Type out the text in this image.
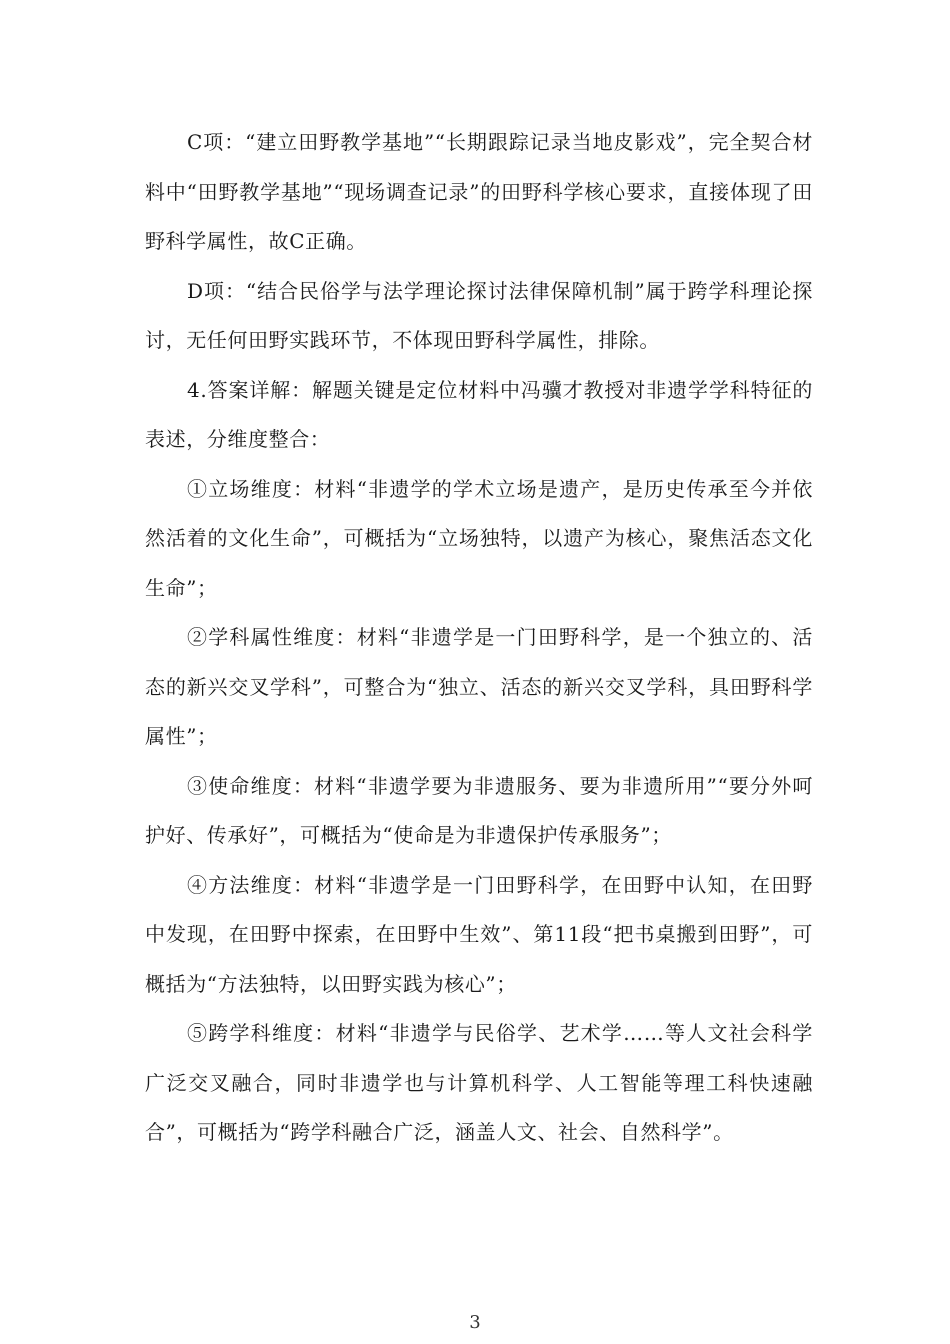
C项：“建立田野教学基地”“长期跟踪记录当地皮影戏”，完全契合材料中“田野教学基地”“现场调查记录”的田野科学核心要求，直接体现了田野科学属性，故C正确。

D项：“结合民俗学与法学理论探讨法律保障机制”属于跨学科理论探讨，无任何田野实践环节，不体现田野科学属性，排除。

4.答案详解：解题关键是定位材料中冯骥才教授对非遗学学科特征的表述，分维度整合：

①立场维度：材料“非遗学的学术立场是遗产，是历史传承至今并依然活着的文化生命”，可概括为“立场独特，以遗产为核心，聚焦活态文化生命”；

②学科属性维度：材料“非遗学是一门田野科学，是一个独立的、活态的新兴交叉学科”，可整合为“独立、活态的新兴交叉学科，具田野科学属性”；

③使命维度：材料“非遗学要为非遗服务、要为非遗所用”“要分外呵护好、传承好”，可概括为“使命是为非遗保护传承服务”；

④方法维度：材料“非遗学是一门田野科学，在田野中认知，在田野中发现，在田野中探索，在田野中生效”、第11段“把书桌搬到田野”，可概括为“方法独特，以田野实践为核心”；

⑤跨学科维度：材料“非遗学与民俗学、艺术学……等人文社会科学广泛交叉融合，同时非遗学也与计算机科学、人工智能等理工科快速融合”，可概括为“跨学科融合广泛，涵盖人文、社会、自然科学”。

3
